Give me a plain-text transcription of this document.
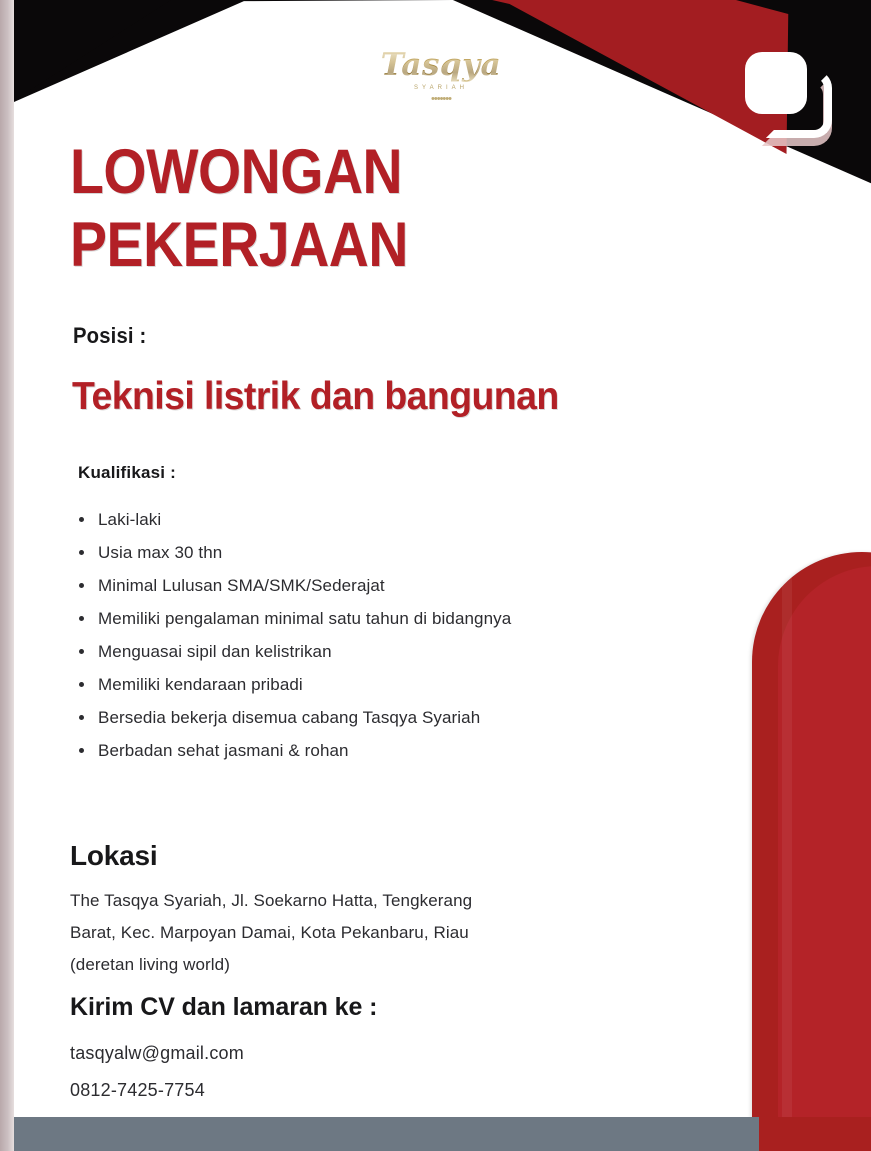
Tasqya
SYARIAH
•••••••
LOWONGAN
PEKERJAAN
Posisi :
Teknisi listrik dan bangunan
Kualifikasi :
Laki-laki
Usia max 30 thn
Minimal Lulusan SMA/SMK/Sederajat
Memiliki pengalaman minimal satu tahun di bidangnya
Menguasai sipil dan kelistrikan
Memiliki kendaraan pribadi
Bersedia bekerja disemua cabang Tasqya Syariah
Berbadan sehat jasmani & rohan
Lokasi
The Tasqya Syariah, Jl. Soekarno Hatta, Tengkerang
Barat, Kec. Marpoyan Damai, Kota Pekanbaru, Riau
(deretan living world)
Kirim CV dan lamaran ke :
tasqyalw@gmail.com
0812-7425-7754
